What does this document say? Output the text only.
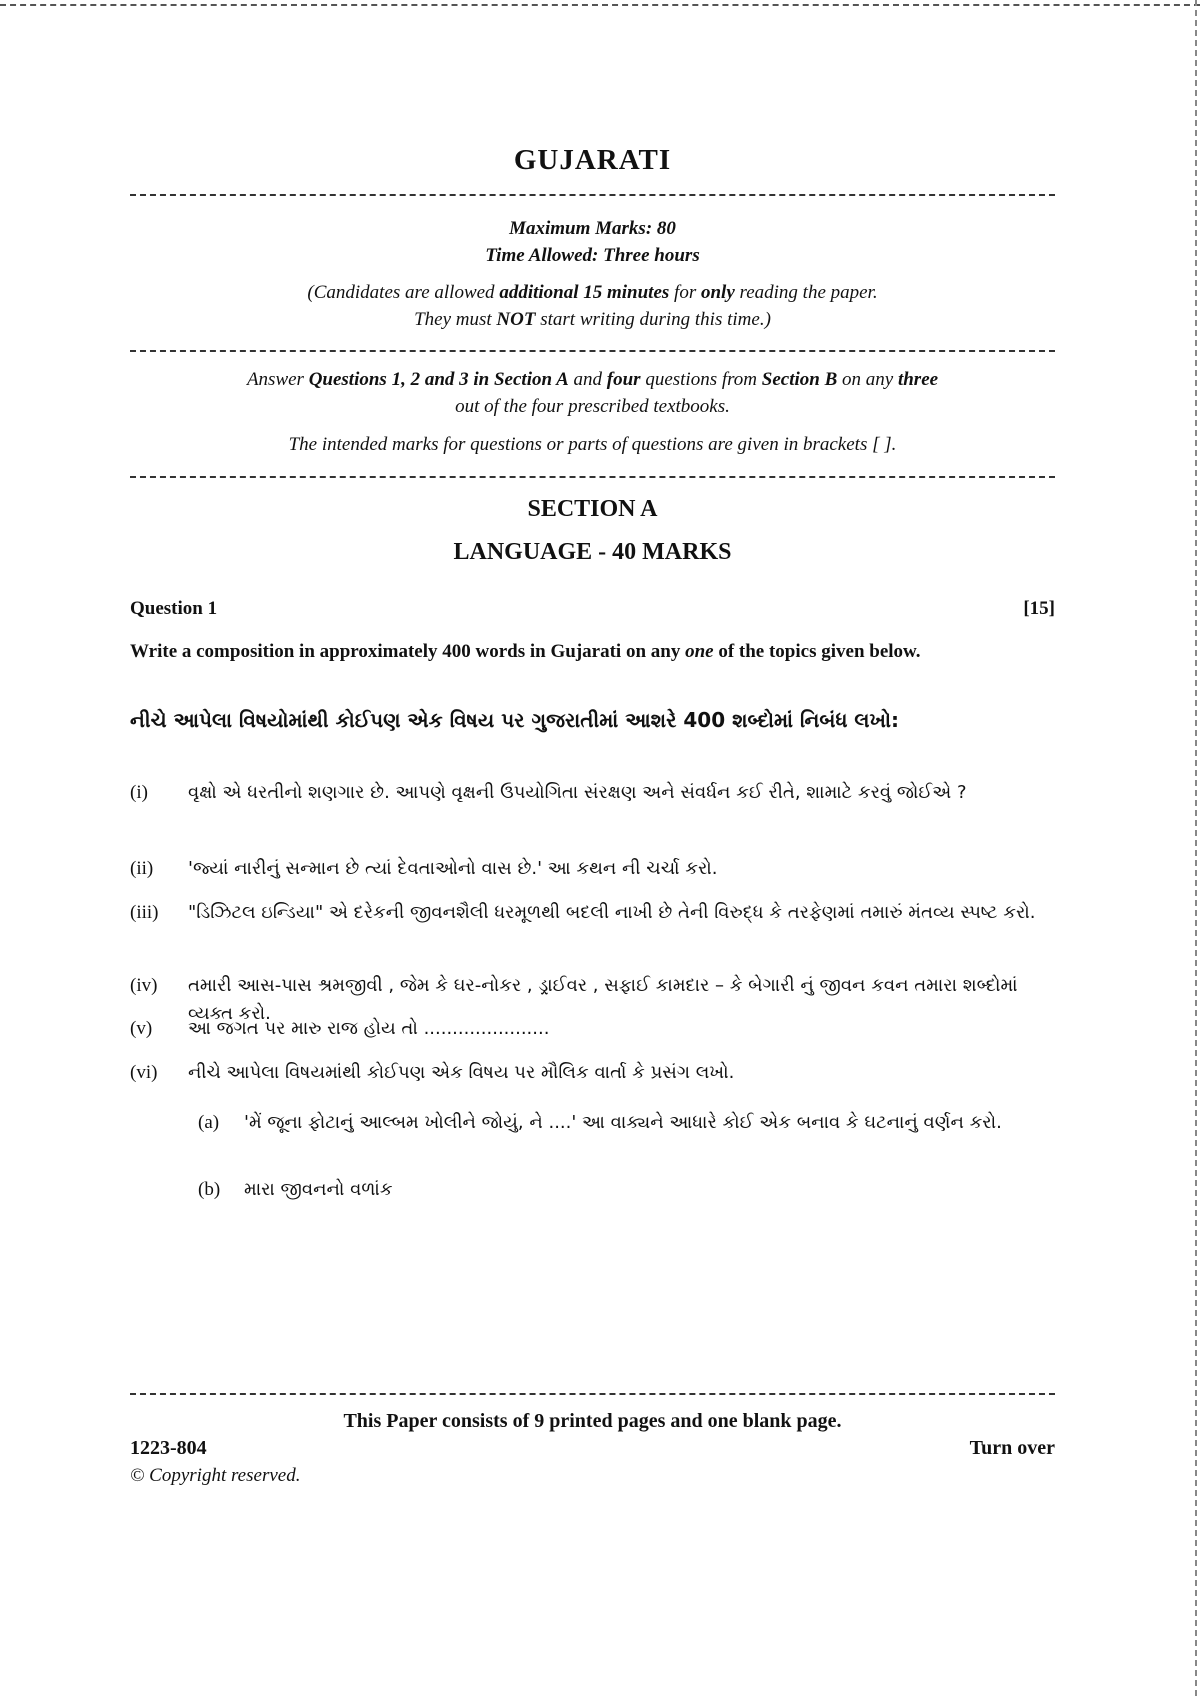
GUJARATI
Maximum Marks: 80
Time Allowed: Three hours
(Candidates are allowed additional 15 minutes for only reading the paper.
They must NOT start writing during this time.)
Answer Questions 1, 2 and 3 in Section A and four questions from Section B on any three
out of the four prescribed textbooks.
The intended marks for questions or parts of questions are given in brackets [ ].
SECTION A
LANGUAGE - 40 MARKS
Question 1	[15]
Write a composition in approximately 400 words in Gujarati on any one of the topics given below.
નીચે આપેલા વિષયોમાંથી કોઈપણ એક વિષય પર ગુજરાતીમાં આશરે 400 શબ્દોમાં નિબંધ લખો:
(i) વૃક્ષો એ ધરતીનો શણગાર છે. આપણે વૃક્ષની ઉપયોગિતા સંરક્ષણ અને સંવર્ધન કઈ રીતે, શામાટે કરવું જોઈએ ?
(ii) 'જ્યાં નારીનું સન્માન છે ત્યાં દેવતાઓનો વાસ છે.' આ કથન ની ચર્ચા કરો.
(iii) "ડિઝિટલ ઇન્ડિયા" એ દરેકની જીવનશૈલી ધરમૂળથી બદલી નાખી છે તેની વિરુદ્ધ કે તરફેણમાં તમારું મંતવ્ય સ્પષ્ટ કરો.
(iv) તમારી આસ-પાસ શ્રમજીવી , જેમ કે ઘર-નોકર , ડ્રાઈવર , સફાઈ કામદાર – કે બેગારી નું જીવન કવન તમારા શબ્દોમાં વ્યક્ત કરો.
(v) આ જગત પર મારુ રાજ હોય તો ......................
(vi) નીચે આપેલા વિષયમાંથી કોઈપણ એક વિષય પર મૌલિક વાર્તા કે પ્રસંગ લખો.
(a) 'મેં જૂના ફોટાનું આલ્બમ ખોલીને જોયું, ને ....' આ વાક્યને આધારે કોઈ એક બનાવ કે ઘટનાનું વર્ણન કરો.
(b) મારા જીવનનો વળાંક
This Paper consists of 9 printed pages and one blank page.
1223-804	Turn over
© Copyright reserved.
